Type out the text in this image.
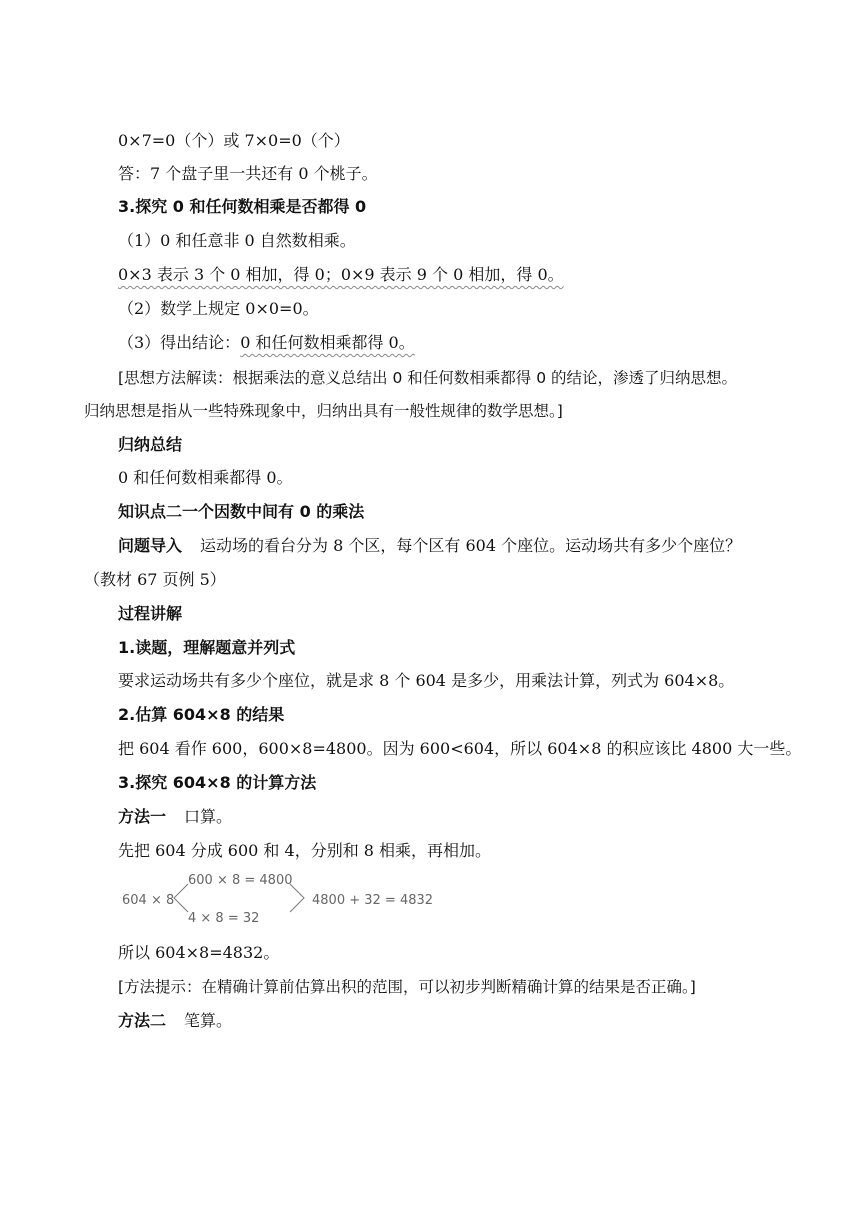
0×7=0（个）或 7×0=0（个）
答：7 个盘子里一共还有 0 个桃子。
3.探究 0 和任何数相乘是否都得 0
（1）0 和任意非 0 自然数相乘。
0×3 表示 3 个 0 相加，得 0；0×9 表示 9 个 0 相加，得 0。
（2）数学上规定 0×0=0。
（3）得出结论：0 和任何数相乘都得 0。
[思想方法解读：根据乘法的意义总结出 0 和任何数相乘都得 0 的结论，渗透了归纳思想。
归纳思想是指从一些特殊现象中，归纳出具有一般性规律的数学思想。]
归纳总结
0 和任何数相乘都得 0。
知识点二一个因数中间有 0 的乘法
问题导入 运动场的看台分为 8 个区，每个区有 604 个座位。运动场共有多少个座位？
（教材 67 页例 5）
过程讲解
1.读题，理解题意并列式
要求运动场共有多少个座位，就是求 8 个 604 是多少，用乘法计算，列式为 604×8。
2.估算 604×8 的结果
把 604 看作 600，600×8=4800。因为 600<604，所以 604×8 的积应该比 4800 大一些。
3.探究 604×8 的计算方法
方法一 口算。
先把 604 分成 600 和 4，分别和 8 相乘，再相加。
604 × 8
600 × 8 = 4800
4 × 8 = 32
4800 + 32 = 4832
所以 604×8=4832。
[方法提示：在精确计算前估算出积的范围，可以初步判断精确计算的结果是否正确。]
方法二 笔算。
